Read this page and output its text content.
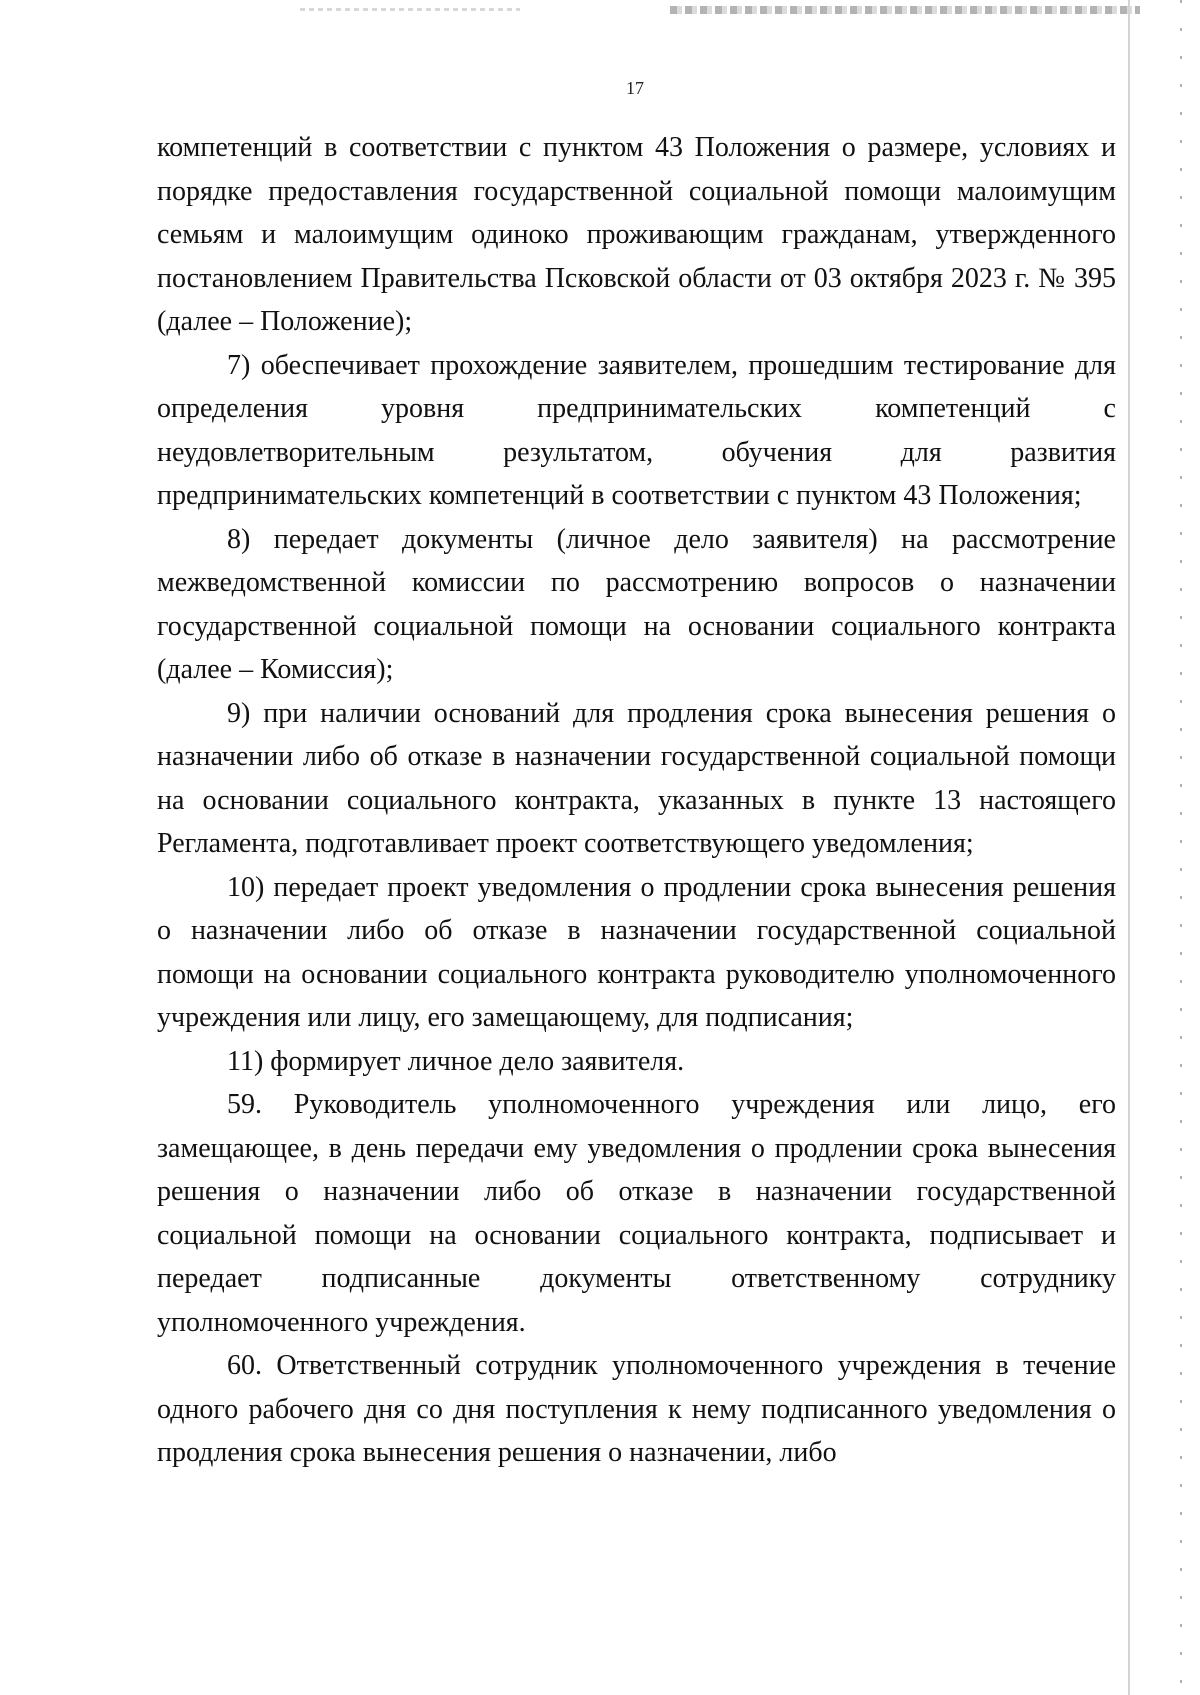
17

компетенций в соответствии с пунктом 43 Положения о размере, условиях и порядке предоставления государственной социальной помощи малоимущим семьям и малоимущим одиноко проживающим гражданам, утвержденного постановлением Правительства Псковской области от 03 октября 2023 г. № 395 (далее – Положение);

7) обеспечивает прохождение заявителем, прошедшим тестирование для определения уровня предпринимательских компетенций с неудовлетворительным результатом, обучения для развития предпринимательских компетенций в соответствии с пунктом 43 Положения;

8) передает документы (личное дело заявителя) на рассмотрение межведомственной комиссии по рассмотрению вопросов о назначении государственной социальной помощи на основании социального контракта (далее – Комиссия);

9) при наличии оснований для продления срока вынесения решения о назначении либо об отказе в назначении государственной социальной помощи на основании социального контракта, указанных в пункте 13 настоящего Регламента, подготавливает проект соответствующего уведомления;

10) передает проект уведомления о продлении срока вынесения решения о назначении либо об отказе в назначении государственной социальной помощи на основании социального контракта руководителю уполномоченного учреждения или лицу, его замещающему, для подписания;

11) формирует личное дело заявителя.

59. Руководитель уполномоченного учреждения или лицо, его замещающее, в день передачи ему уведомления о продлении срока вынесения решения о назначении либо об отказе в назначении государственной социальной помощи на основании социального контракта, подписывает и передает подписанные документы ответственному сотруднику уполномоченного учреждения.

60. Ответственный сотрудник уполномоченного учреждения в течение одного рабочего дня со дня поступления к нему подписанного уведомления о продления срока вынесения решения о назначении, либо
